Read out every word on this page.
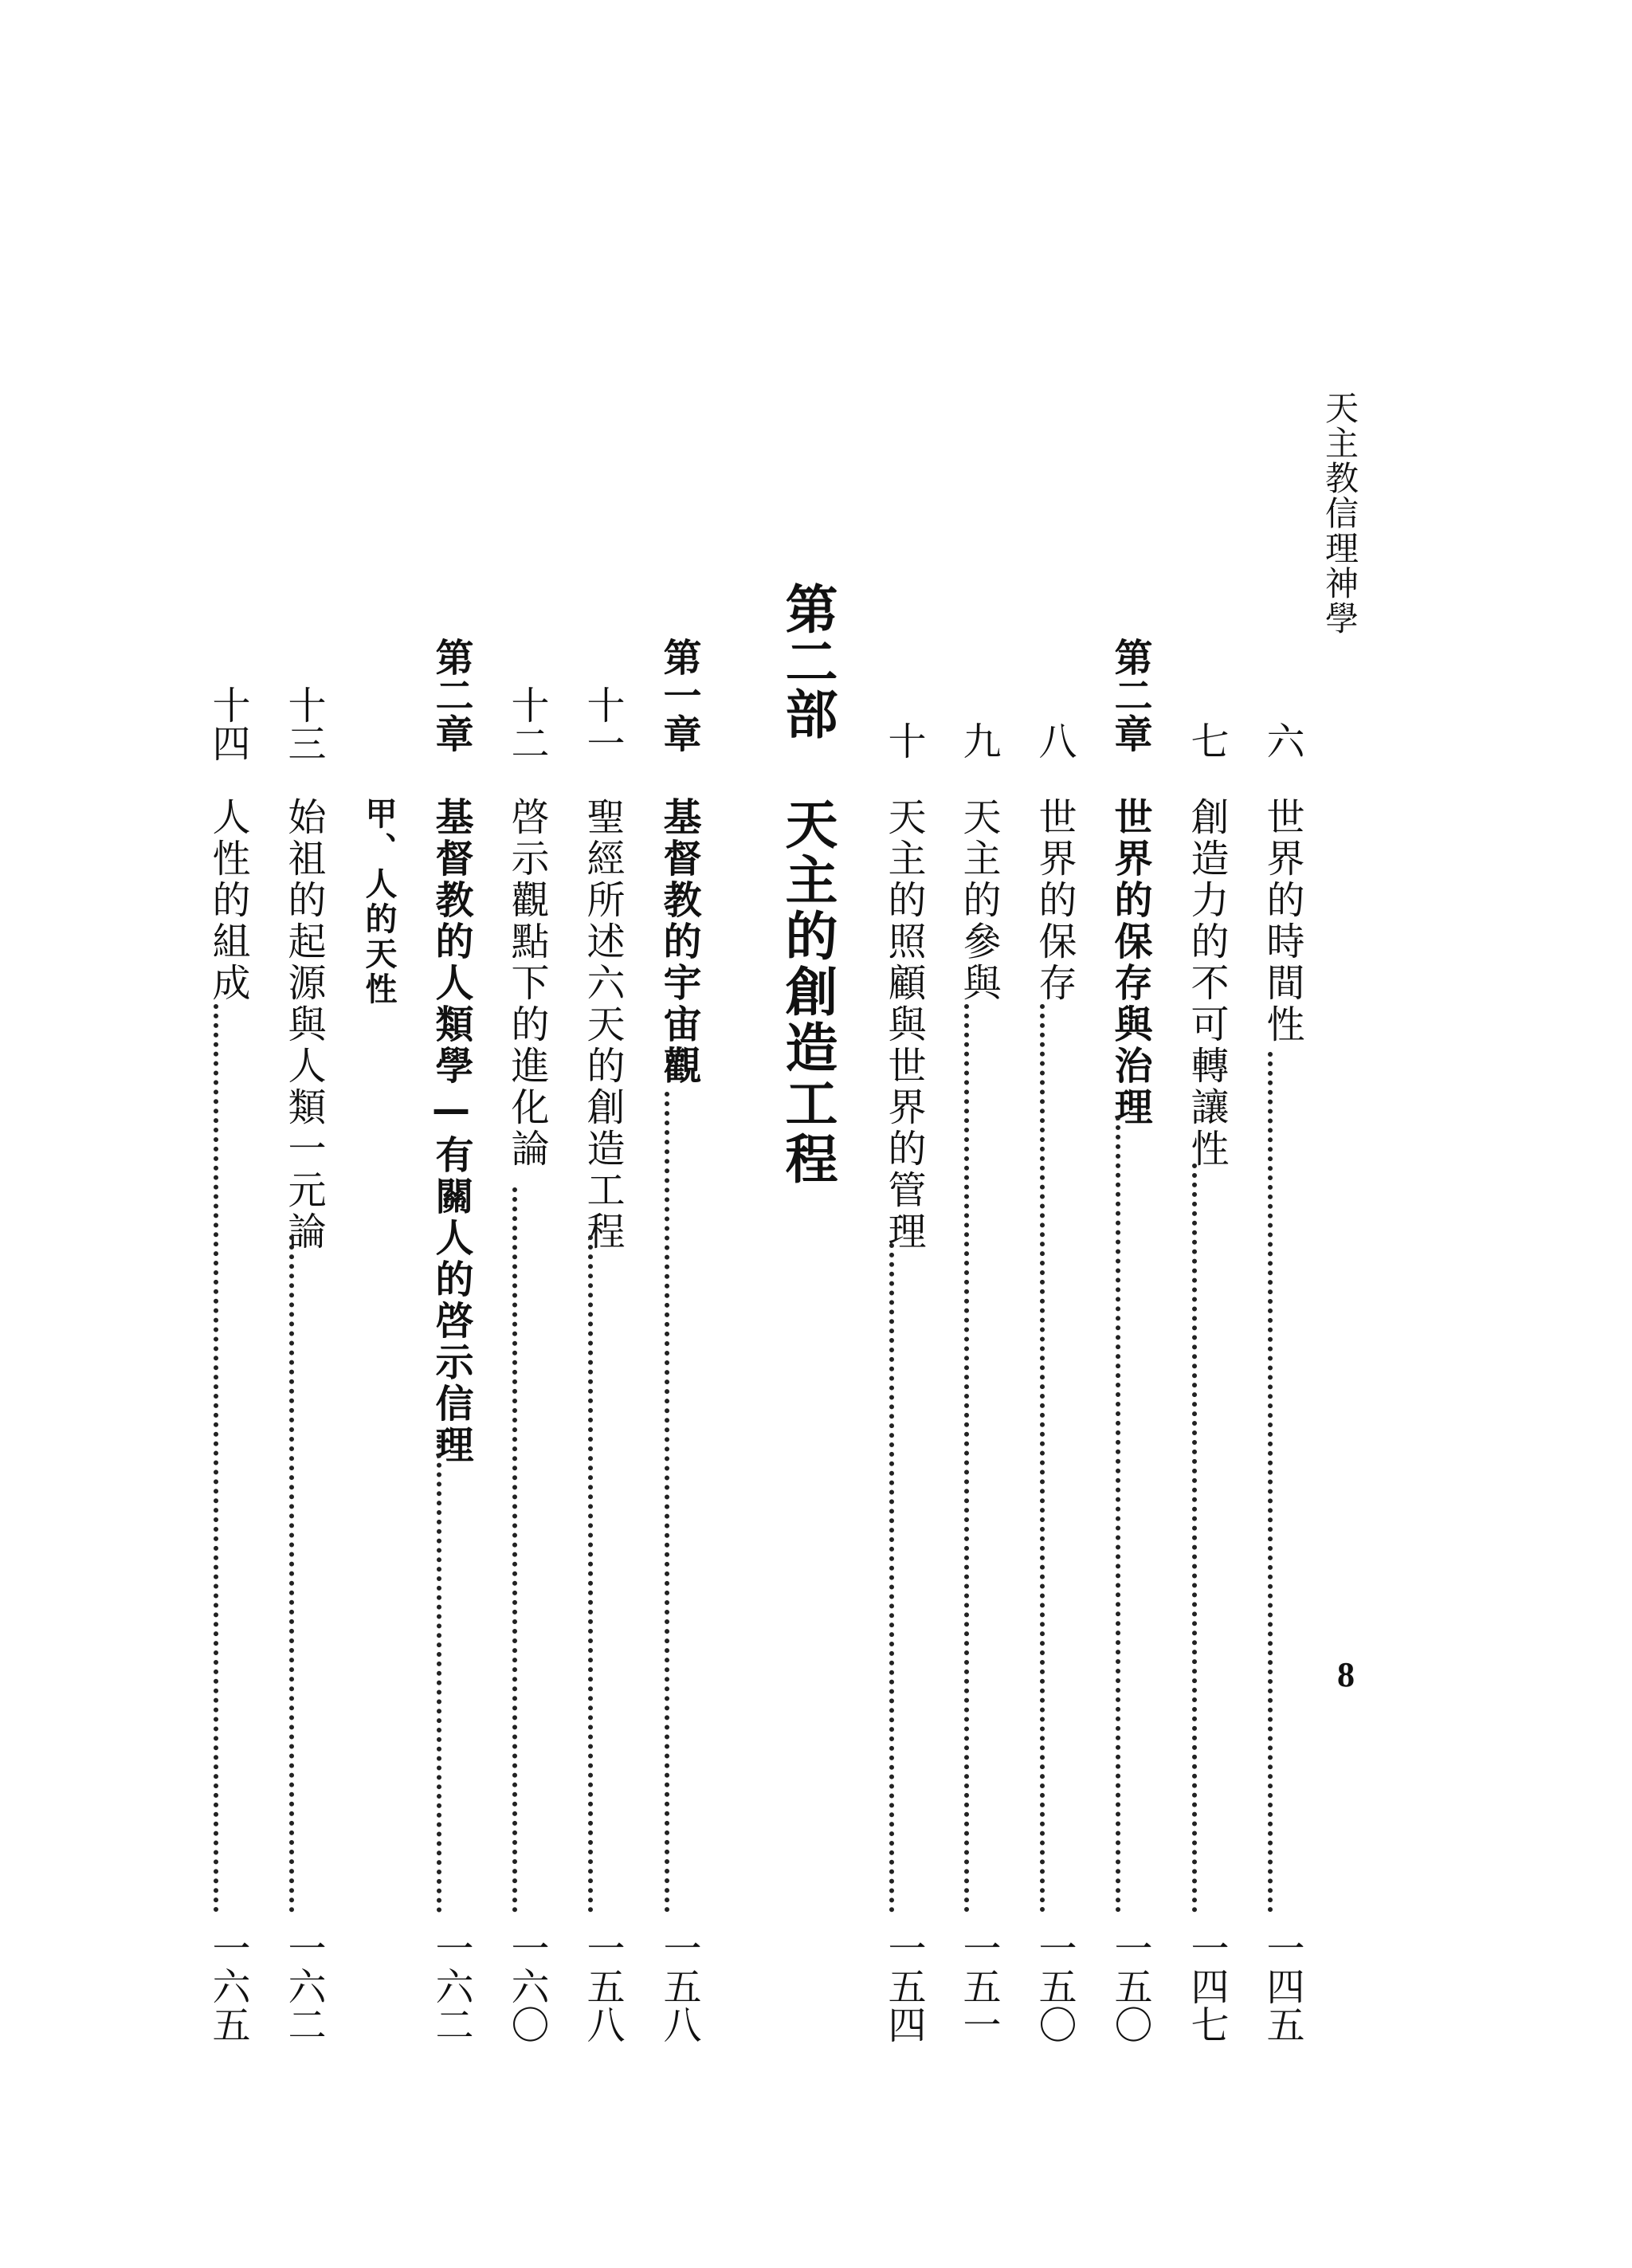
天主教信理神學
8
六
世界的時間性
一四五
七
創造力的不可轉讓性
一四七
第二章
世界的保存與治理
一五〇
八
世界的保存
一五〇
九
天主的參與
一五一
十
天主的照顧與世界的管理
一五四
第二部
天主的創造工程
第一章
基督教的宇宙觀
一五八
十一
聖經所述六天的創造工程
一五八
十二
啓示觀點下的進化論
一六〇
第二章
基督教的人類學—有關人的啓示信理
一六二
甲、人的天性
十三
始祖的起源與人類一元論
一六二
十四
人性的組成
一六五
